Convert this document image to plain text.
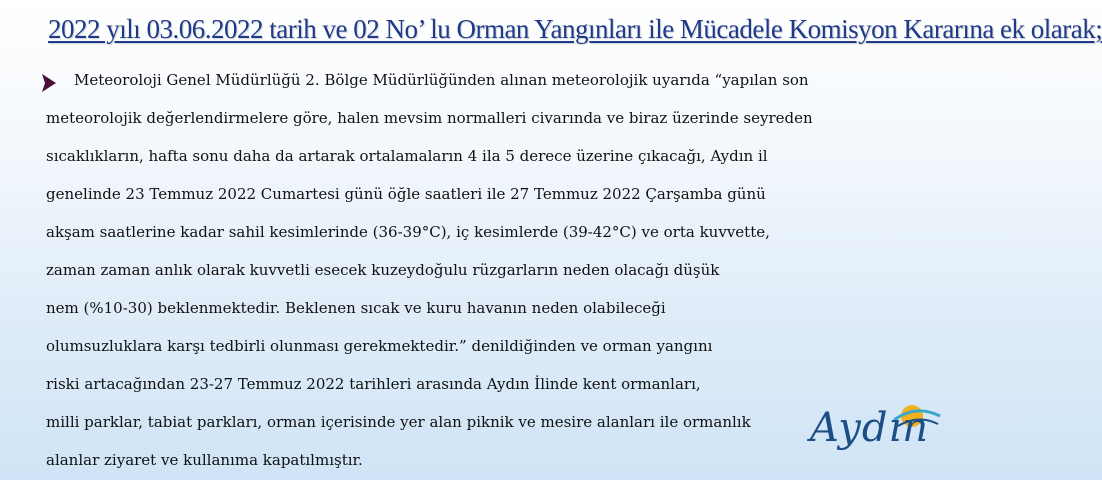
2022 yılı 03.06.2022 tarih ve 02 No’ lu Orman Yangınları ile Mücadele Komisyon Kararına ek olarak;
Meteoroloji Genel Müdürlüğü 2. Bölge Müdürlüğünden alınan meteorolojik uyarıda “yapılan son
meteorolojik değerlendirmelere göre, halen mevsim normalleri civarında ve biraz üzerinde seyreden
sıcaklıkların, hafta sonu daha da artarak ortalamaların 4 ila 5 derece üzerine çıkacağı, Aydın il
genelinde 23 Temmuz 2022 Cumartesi günü öğle saatleri ile 27 Temmuz 2022 Çarşamba günü
akşam saatlerine kadar sahil kesimlerinde (36-39°C), iç kesimlerde (39-42°C) ve orta kuvvette,
zaman zaman anlık olarak kuvvetli esecek kuzeydoğulu rüzgarların neden olacağı düşük
nem (%10-30) beklenmektedir. Beklenen sıcak ve kuru havanın neden olabileceği
olumsuzluklara karşı tedbirli olunması gerekmektedir.” denildiğinden ve orman yangını
riski artacağından 23-27 Temmuz 2022 tarihleri arasında Aydın İlinde kent ormanları,
milli parklar, tabiat parkları, orman içerisinde yer alan piknik ve mesire alanları ile ormanlık
alanlar ziyaret ve kullanıma kapatılmıştır.
Aydın
